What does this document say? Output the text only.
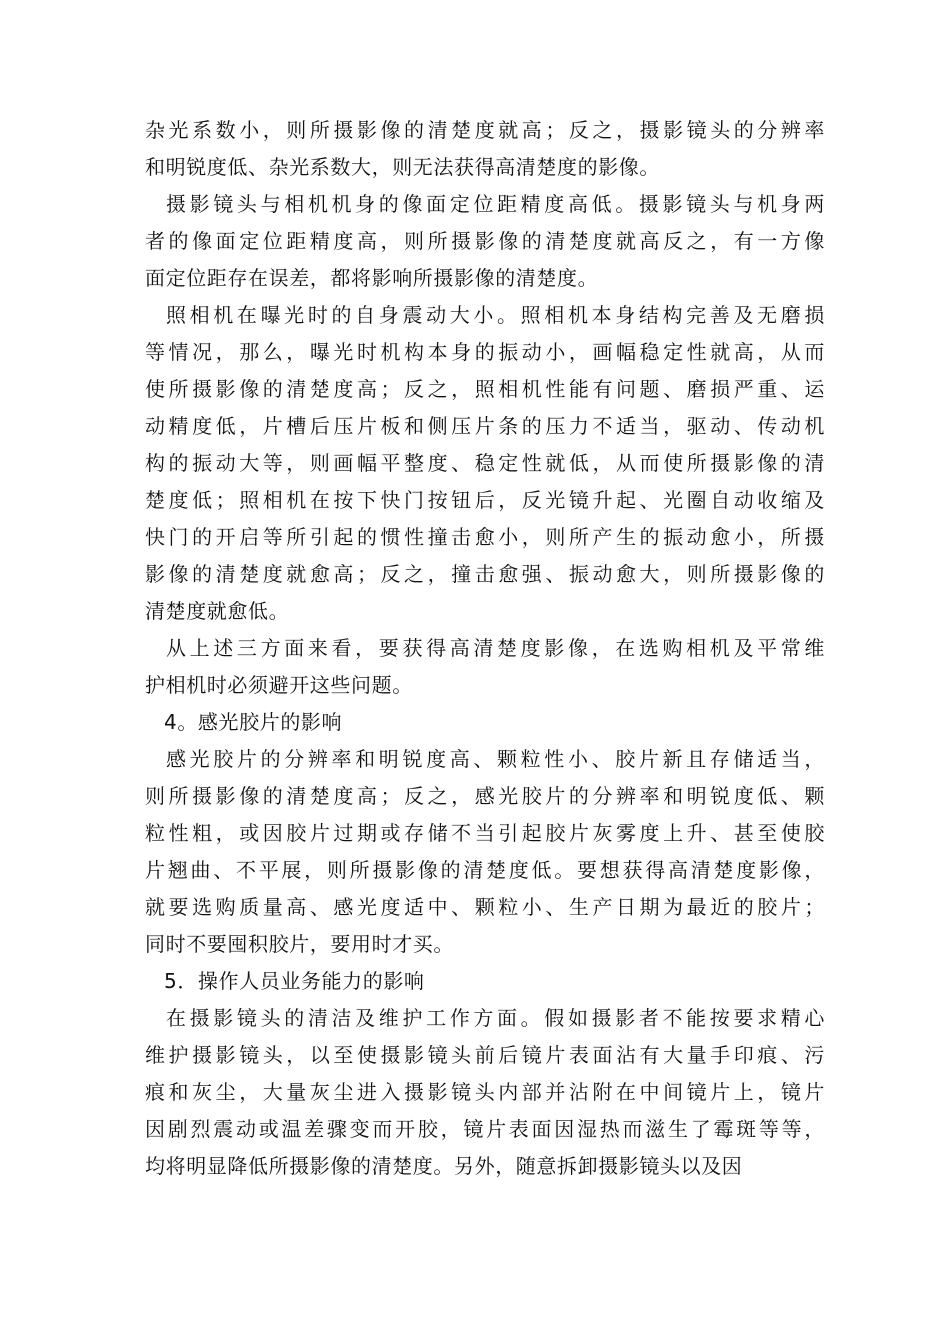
杂光系数小，则所摄影像的清楚度就高；反之，摄影镜头的分辨率
和明锐度低、杂光系数大，则无法获得高清楚度的影像。
摄影镜头与相机机身的像面定位距精度高低。摄影镜头与机身两
者的像面定位距精度高，则所摄影像的清楚度就高反之，有一方像
面定位距存在误差，都将影响所摄影像的清楚度。
照相机在曝光时的自身震动大小。照相机本身结构完善及无磨损
等情况，那么，曝光时机构本身的振动小，画幅稳定性就高，从而
使所摄影像的清楚度高；反之，照相机性能有问题、磨损严重、运
动精度低，片槽后压片板和侧压片条的压力不适当，驱动、传动机
构的振动大等，则画幅平整度、稳定性就低，从而使所摄影像的清
楚度低；照相机在按下快门按钮后，反光镜升起、光圈自动收缩及
快门的开启等所引起的惯性撞击愈小，则所产生的振动愈小，所摄
影像的清楚度就愈高；反之，撞击愈强、振动愈大，则所摄影像的
清楚度就愈低。
从上述三方面来看，要获得高清楚度影像，在选购相机及平常维
护相机时必须避开这些问题。
4。感光胶片的影响
感光胶片的分辨率和明锐度高、颗粒性小、胶片新且存储适当，
则所摄影像的清楚度高；反之，感光胶片的分辨率和明锐度低、颗
粒性粗，或因胶片过期或存储不当引起胶片灰雾度上升、甚至使胶
片翘曲、不平展，则所摄影像的清楚度低。要想获得高清楚度影像，
就要选购质量高、感光度适中、颗粒小、生产日期为最近的胶片；
同时不要囤积胶片，要用时才买。
5．操作人员业务能力的影响
在摄影镜头的清洁及维护工作方面。假如摄影者不能按要求精心
维护摄影镜头，以至使摄影镜头前后镜片表面沾有大量手印痕、污
痕和灰尘，大量灰尘进入摄影镜头内部并沾附在中间镜片上，镜片
因剧烈震动或温差骤变而开胶，镜片表面因湿热而滋生了霉斑等等，
均将明显降低所摄影像的清楚度。另外，随意拆卸摄影镜头以及因
